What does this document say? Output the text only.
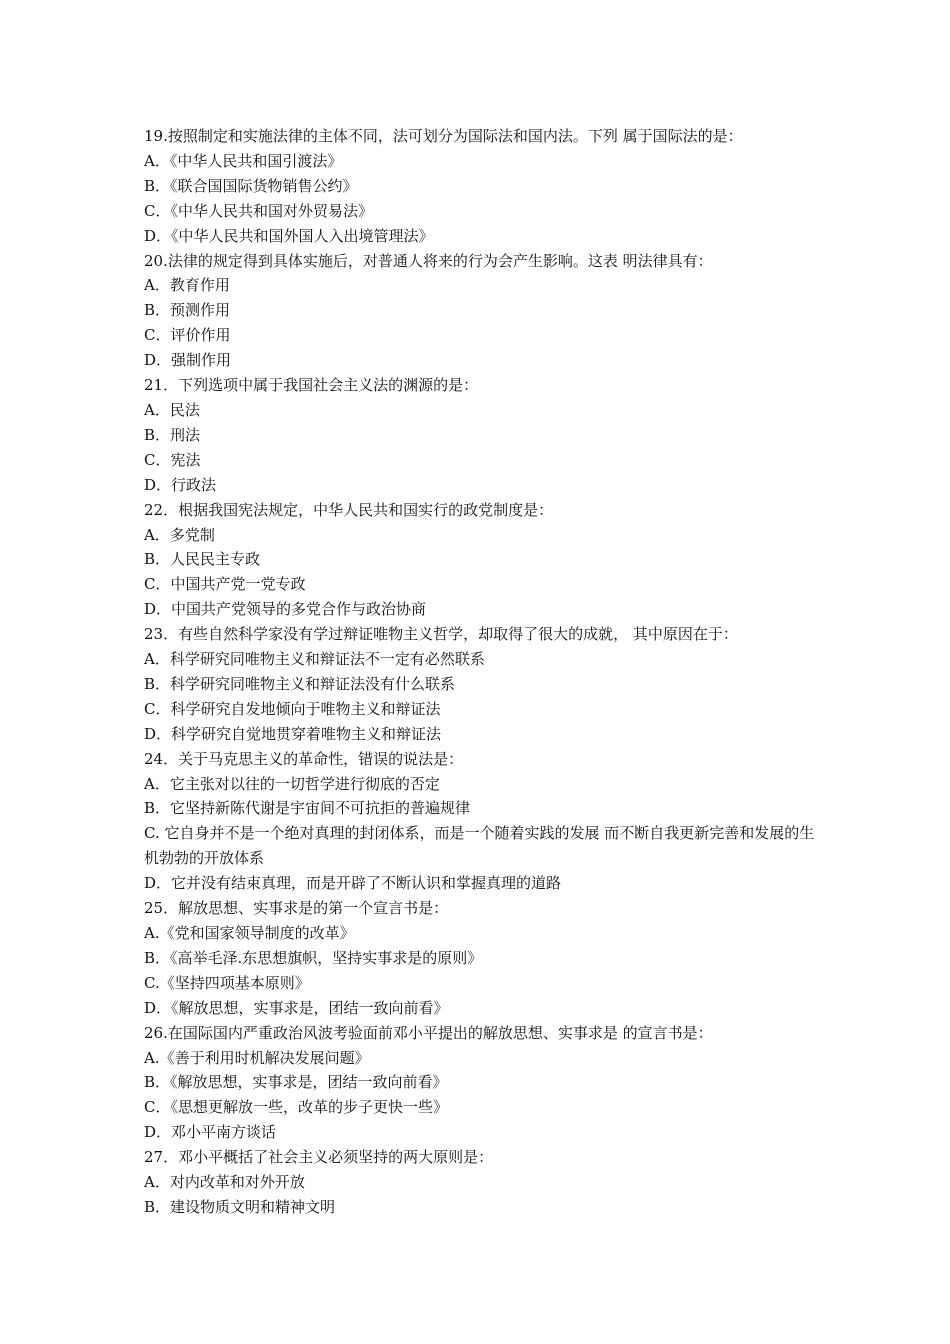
19.按照制定和实施法律的主体不同，法可划分为国际法和国内法。下列 属于国际法的是：
A．《中华人民共和国引渡法》
B．《联合国国际货物销售公约》
C．《中华人民共和国对外贸易法》
D．《中华人民共和国外国人入出境管理法》
20.法律的规定得到具体实施后，对普通人将来的行为会产生影响。这表 明法律具有：
A．教育作用
B．预测作用
C．评价作用
D．强制作用
21．下列选项中属于我国社会主义法的渊源的是：
A．民法
B．刑法
C．宪法
D．行政法
22．根据我国宪法规定，中华人民共和国实行的政党制度是：
A．多党制
B．人民民主专政
C．中国共产党一党专政
D．中国共产党领导的多党合作与政治协商
23．有些自然科学家没有学过辩证唯物主义哲学，却取得了很大的成就， 其中原因在于：
A．科学研究同唯物主义和辩证法不一定有必然联系
B．科学研究同唯物主义和辩证法没有什么联系
C．科学研究自发地倾向于唯物主义和辩证法
D．科学研究自觉地贯穿着唯物主义和辩证法
24．关于马克思主义的革命性，错误的说法是：
A．它主张对以往的一切哲学进行彻底的否定
B．它坚持新陈代谢是宇宙间不可抗拒的普遍规律
C. 它自身并不是一个绝对真理的封闭体系，而是一个随着实践的发展 而不断自我更新完善和发展的生机勃勃的开放体系
D．它并没有结束真理，而是开辟了不断认识和掌握真理的道路
25．解放思想、实事求是的第一个宣言书是：
A.《党和国家领导制度的改革》
B．《高举毛泽.东思想旗帜，坚持实事求是的原则》
C.《坚持四项基本原则》
D．《解放思想，实事求是，团结一致向前看》
26.在国际国内严重政治风波考验面前邓小平提出的解放思想、实事求是 的宣言书是：
A.《善于利用时机解决发展问题》
B．《解放思想，实事求是，团结一致向前看》
C．《思想更解放一些，改革的步子更快一些》
D．邓小平南方谈话
27．邓小平概括了社会主义必须坚持的两大原则是：
A．对内改革和对外开放
B．建设物质文明和精神文明
